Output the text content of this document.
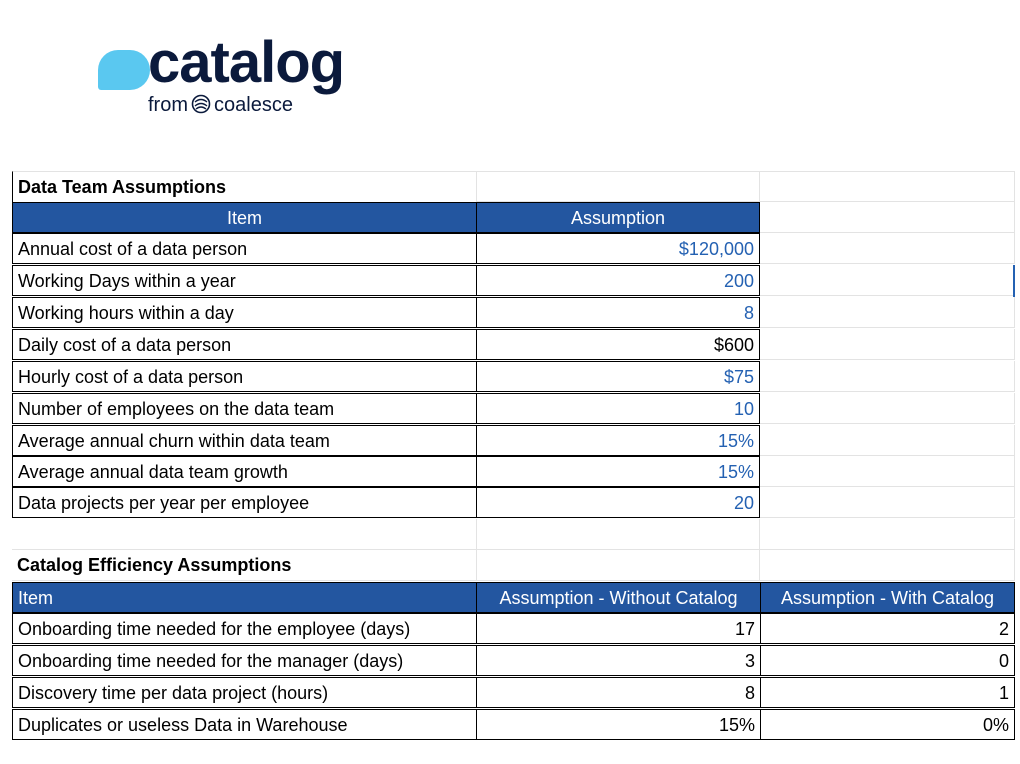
catalog
from coalesce
Data Team Assumptions
Item	Assumption
Annual cost of a data person	$120,000
Working Days within a year	200
Working hours within a day	8
Daily cost of a data person	$600
Hourly cost of a data person	$75
Number of employees on the data team	10
Average annual churn within data team	15%
Average annual data team growth	15%
Data projects per year per employee	20
Catalog Efficiency Assumptions
Item	Assumption - Without Catalog	Assumption - With Catalog
Onboarding time needed for the employee (days)	17	2
Onboarding time needed for the manager (days)	3	0
Discovery time per data project (hours)	8	1
Duplicates or useless Data in Warehouse	15%	0%
